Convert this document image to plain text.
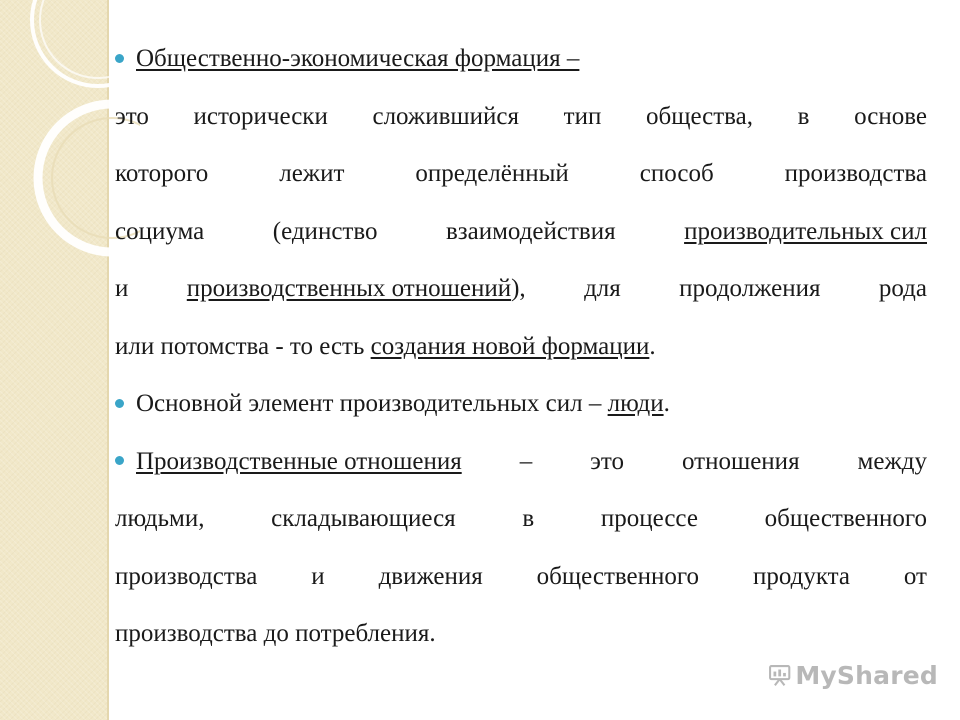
Общественно-экономическая формация –
это исторически сложившийся тип общества, в основе
которого	лежит	определённый	способ	производства
социума	(единство	взаимодействия	производительных сил
и производственных отношений), для продолжения рода
или потомства - то есть создания новой формации.
Основной элемент производительных сил – люди.
Производственные отношения – это отношения между
людьми,	складывающиеся	в	процессе	общественного
производства и движения общественного продукта от
производства до потребления.
MyShared
